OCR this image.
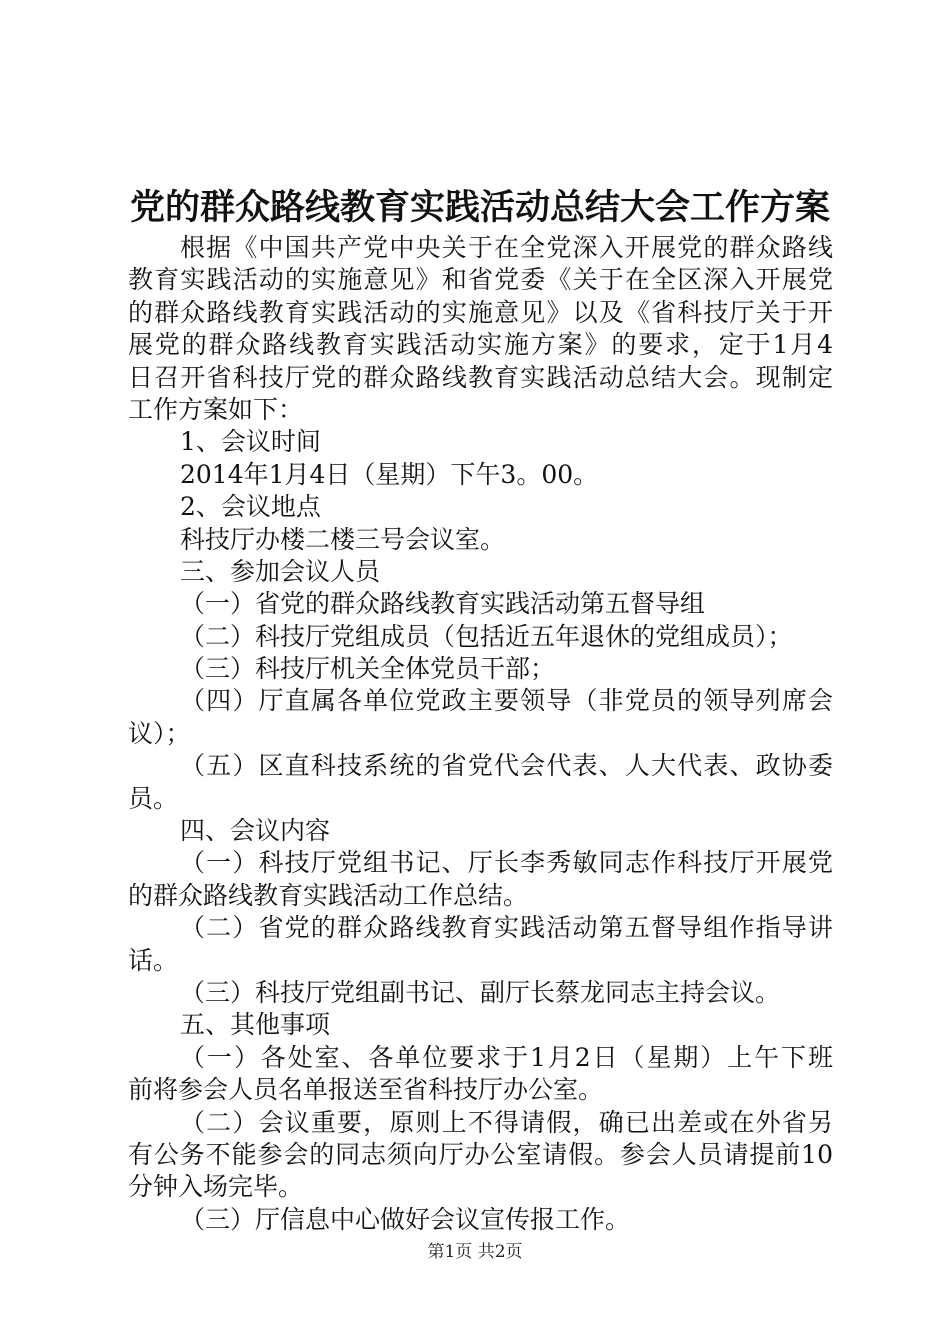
党的群众路线教育实践活动总结大会工作方案
根据《中国共产党中央关于在全党深入开展党的群众路线
教育实践活动的实施意见》和省党委《关于在全区深入开展党
的群众路线教育实践活动的实施意见》以及《省科技厅关于开
展党的群众路线教育实践活动实施方案》的要求，定于1月4
日召开省科技厅党的群众路线教育实践活动总结大会。现制定
工作方案如下：
1、会议时间
2014年1月4日（星期）下午3。00。
2、会议地点
科技厅办楼二楼三号会议室。
三、参加会议人员
（一）省党的群众路线教育实践活动第五督导组
（二）科技厅党组成员（包括近五年退休的党组成员）；
（三）科技厅机关全体党员干部；
（四）厅直属各单位党政主要领导（非党员的领导列席会
议）；
（五）区直科技系统的省党代会代表、人大代表、政协委
员。
四、会议内容
（一）科技厅党组书记、厅长李秀敏同志作科技厅开展党
的群众路线教育实践活动工作总结。
（二）省党的群众路线教育实践活动第五督导组作指导讲
话。
（三）科技厅党组副书记、副厅长蔡龙同志主持会议。
五、其他事项
（一）各处室、各单位要求于1月2日（星期）上午下班
前将参会人员名单报送至省科技厅办公室。
（二）会议重要，原则上不得请假，确已出差或在外省另
有公务不能参会的同志须向厅办公室请假。参会人员请提前10
分钟入场完毕。
（三）厅信息中心做好会议宣传报工作。
第1页 共2页
